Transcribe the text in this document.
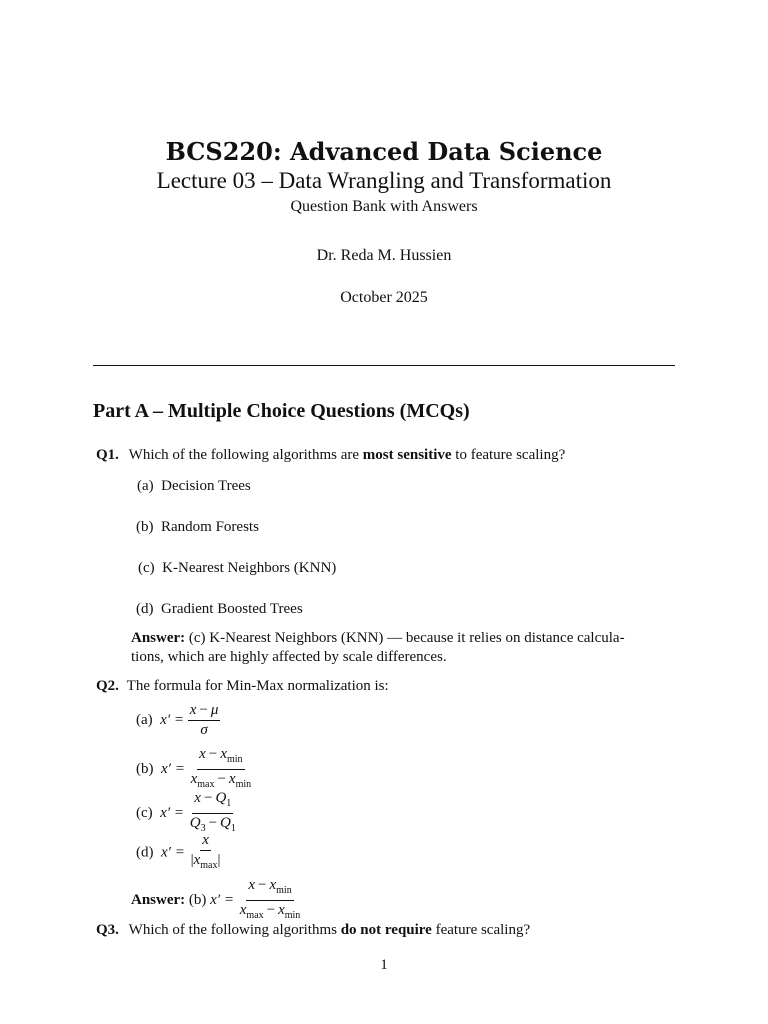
BCS220: Advanced Data Science
Lecture 03 – Data Wrangling and Transformation
Question Bank with Answers
Dr. Reda M. Hussien
October 2025
Part A – Multiple Choice Questions (MCQs)
Q1. Which of the following algorithms are most sensitive to feature scaling?
(a) Decision Trees
(b) Random Forests
(c) K-Nearest Neighbors (KNN)
(d) Gradient Boosted Trees
Answer: (c) K-Nearest Neighbors (KNN) — because it relies on distance calcula-
tions, which are highly affected by scale differences.
Q2. The formula for Min-Max normalization is:
(a) $x' = \frac{x - \mu}{\sigma}$
(b) $x' = \frac{x - x_{min}}{x_{max} - x_{min}}$
(c) $x' = \frac{x - Q_1}{Q_3 - Q_1}$
(d) $x' = \frac{x}{|x_{max}|}$
Answer: (b) $x' = \frac{x - x_{min}}{x_{max} - x_{min}}$
Q3. Which of the following algorithms do not require feature scaling?
1
